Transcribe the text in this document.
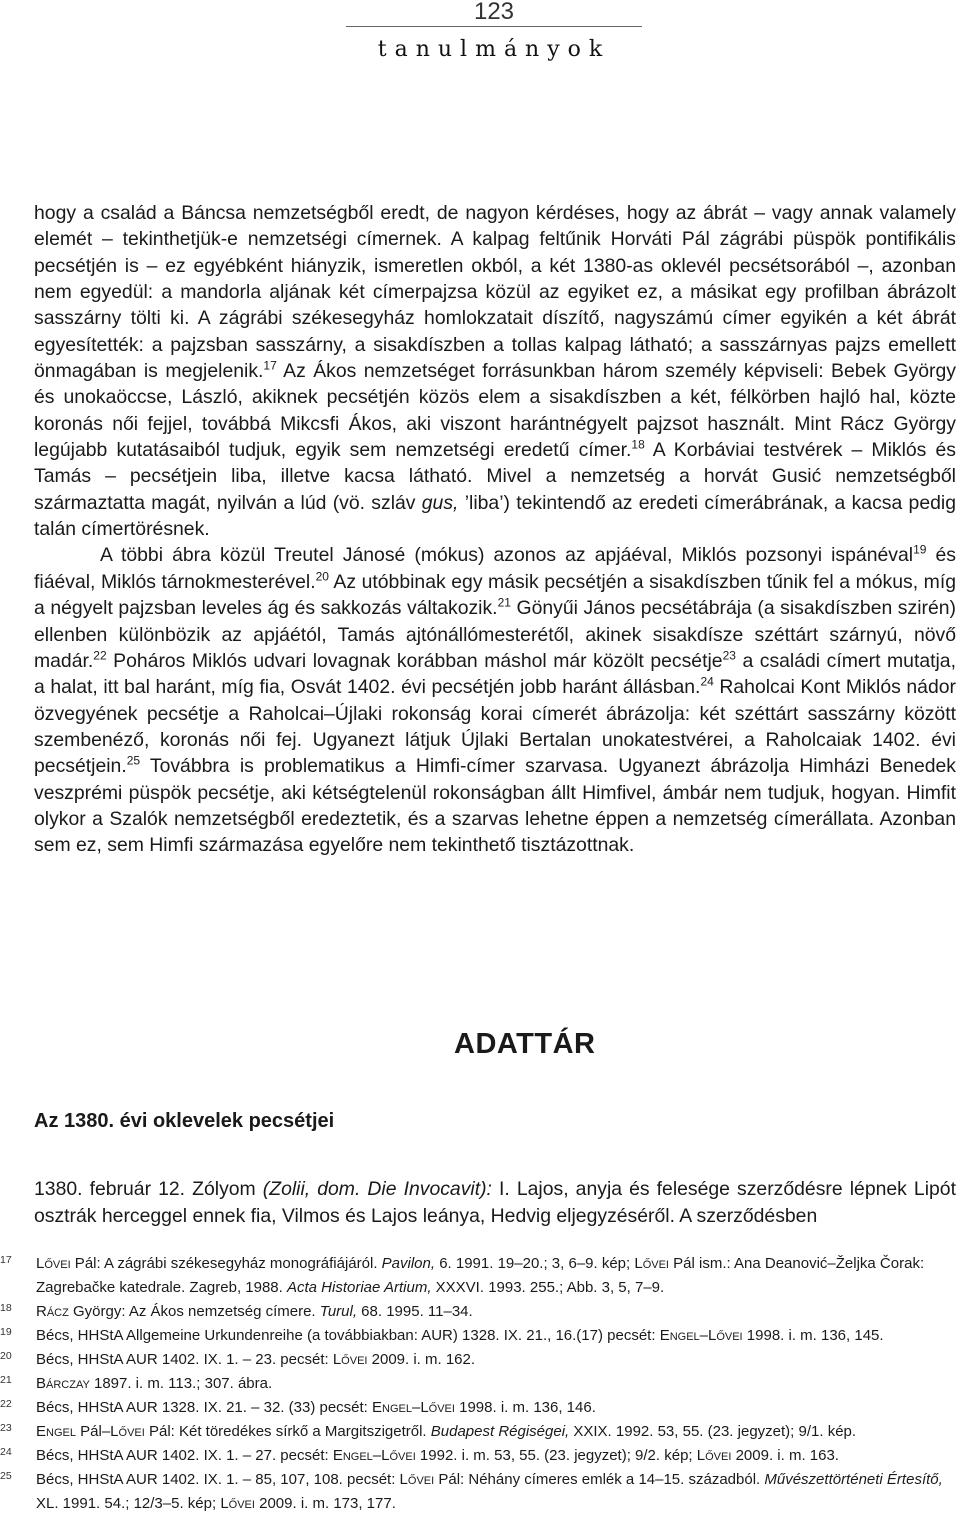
123
tanulmányok

hogy a család a Báncsa nemzetségből eredt, de nagyon kérdéses, hogy az ábrát – vagy annak valamely elemét – tekinthetjük-e nemzetségi címernek. A kalpag feltűnik Horváti Pál zágrábi püspök pontifikális pecsétjén is – ez egyébként hiányzik, ismeretlen okból, a két 1380-as oklevél pecsétsorából –, azonban nem egyedül: a mandorla aljának két címerpajzsa közül az egyiket ez, a másikat egy profilban ábrázolt sasszárny tölti ki. A zágrábi székesegyház homlokzatait díszítő, nagyszámú címer egyikén a két ábrát egyesítették: a pajzsban sasszárny, a sisakdíszben a tollas kalpag látható; a sasszárnyas pajzs emellett önmagában is megjelenik.$^{17}$ Az Ákos nemzetséget forrásunkban három személy képviseli: Bebek György és unokaöccse, László, akiknek pecsétjén közös elem a sisakdíszben a két, félkörben hajló hal, közte koronás női fejjel, továbbá Mikcsfi Ákos, aki viszont harántnégyelt pajzsot használt. Mint Rácz György legújabb kutatásaiból tudjuk, egyik sem nemzetségi eredetű címer.$^{18}$ A Korbáviai testvérek – Miklós és Tamás – pecsétjein liba, illetve kacsa látható. Mivel a nemzetség a horvát Gusić nemzetségből származtatta magát, nyilván a lúd (vö. szláv gus, ’liba’) tekintendő az eredeti címerábrának, a kacsa pedig talán címertörésnek.

A többi ábra közül Treutel Jánosé (mókus) azonos az apjáéval, Miklós pozsonyi ispánéval$^{19}$ és fiáéval, Miklós tárnokmesterével.$^{20}$ Az utóbbinak egy másik pecsétjén a sisakdíszben tűnik fel a mókus, míg a négyelt pajzsban leveles ág és sakkozás váltakozik.$^{21}$ Gönyűi János pecsétábrája (a sisakdíszben szirén) ellenben különbözik az apjáétól, Tamás ajtónállómesterétől, akinek sisakdísze széttárt szárnyú, növő madár.$^{22}$ Poháros Miklós udvari lovagnak korábban máshol már közölt pecsétje$^{23}$ a családi címert mutatja, a halat, itt bal haránt, míg fia, Osvát 1402. évi pecsétjén jobb haránt állásban.$^{24}$ Raholcai Kont Miklós nádor özvegyének pecsétje a Raholcai–Újlaki rokonság korai címerét ábrázolja: két széttárt sasszárny között szembenéző, koronás női fej. Ugyanezt látjuk Újlaki Bertalan unokatestvérei, a Raholcaiak 1402. évi pecsétjein.$^{25}$ Továbbra is problematikus a Himfi-címer szarvasa. Ugyanezt ábrázolja Himházi Benedek veszprémi püspök pecsétje, aki kétségtelenül rokonságban állt Himfivel, ámbár nem tudjuk, hogyan. Himfit olykor a Szalók nemzetségből eredeztetik, és a szarvas lehetne éppen a nemzetség címerállata. Azonban sem ez, sem Himfi származása egyelőre nem tekinthető tisztázottnak.

ADATTÁR
Az 1380. évi oklevelek pecsétjei

1380. február 12. Zólyom (Zolii, dom. Die Invocavit): I. Lajos, anyja és felesége szerződésre lépnek Lipót osztrák herceggel ennek fia, Vilmos és Lajos leánya, Hedvig eljegyzéséről. A szerződésben

17 Lővei Pál: A zágrábi székesegyház monográfiájáról. Pavilon, 6. 1991. 19–20.; 3, 6–9. kép; Lővei Pál ism.: Ana Deanović–Željka Čorak: Zagrebačke katedrale. Zagreb, 1988. Acta Historiae Artium, XXXVI. 1993. 255.; Abb. 3, 5, 7–9.
18 Rácz György: Az Ákos nemzetség címere. Turul, 68. 1995. 11–34.
19 Bécs, HHStA Allgemeine Urkundenreihe (a továbbiakban: AUR) 1328. IX. 21., 16.(17) pecsét: Engel–Lővei 1998. i. m. 136, 145.
20 Bécs, HHStA AUR 1402. IX. 1. – 23. pecsét: Lővei 2009. i. m. 162.
21 Bárczay 1897. i. m. 113.; 307. ábra.
22 Bécs, HHStA AUR 1328. IX. 21. – 32. (33) pecsét: Engel–Lővei 1998. i. m. 136, 146.
23 Engel Pál–Lővei Pál: Két töredékes sírkő a Margitszigetről. Budapest Régiségei, XXIX. 1992. 53, 55. (23. jegyzet); 9/1. kép.
24 Bécs, HHStA AUR 1402. IX. 1. – 27. pecsét: Engel–Lővei 1992. i. m. 53, 55. (23. jegyzet); 9/2. kép; Lővei 2009. i. m. 163.
25 Bécs, HHStA AUR 1402. IX. 1. – 85, 107, 108. pecsét: Lővei Pál: Néhány címeres emlék a 14–15. századból. Művészettörténeti Értesítő, XL. 1991. 54.; 12/3–5. kép; Lővei 2009. i. m. 173, 177.
